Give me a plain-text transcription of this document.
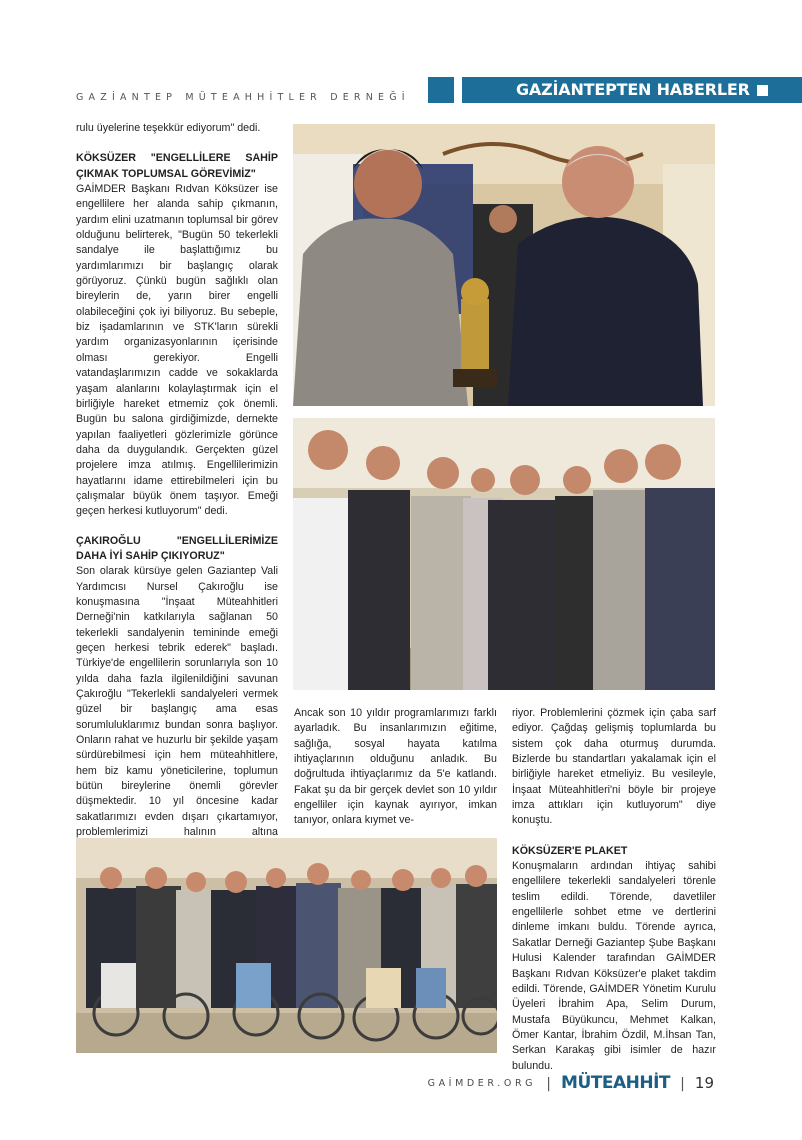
GAZİANTEP MÜTEAHHİTLER DERNEĞİ	GAZİANTEPTEN HABERLER

rulu üyelerine teşekkür ediyorum" dedi.

KÖKSÜZER "ENGELLİLERE SAHİP
ÇIKMAK TOPLUMSAL GÖREVİMİZ"

GAİMDER Başkanı Rıdvan Köksüzer ise engellilere her alanda sahip çıkmanın, yardım elini uzatmanın toplumsal bir görev olduğunu belirterek, "Bugün 50 tekerlekli sandalye ile başlattığımız bu yardımlarımızı bir başlangıç olarak görüyoruz. Çünkü bugün sağlıklı olan bireylerin de, yarın birer engelli olabileceğini çok iyi biliyoruz. Bu sebeple, biz işadamlarının ve STK'ların sürekli yardım organizasyonlarının içerisinde olması gerekiyor. Engelli vatandaşlarımızın cadde ve sokaklarda yaşam alanlarını kolaylaştırmak için el birliğiyle hareket etmemiz çok önemli. Bugün bu salona girdiğimizde, dernekte yapılan faaliyetleri gözlerimizle görünce daha da duygulandık. Gerçekten güzel projelere imza atılmış. Engellilerimizin hayatlarını idame ettirebilmeleri için bu çalışmalar büyük önem taşıyor. Emeği geçen herkesi kutluyorum" dedi.

ÇAKIROĞLU "ENGELLİLERİMİZE
DAHA İYİ SAHİP ÇIKIYORUZ"

Son olarak kürsüye gelen Gaziantep Vali Yardımcısı Nursel Çakıroğlu ise konuşmasına "İnşaat Müteahhitleri Derneği'nin katkılarıyla sağlanan 50 tekerlekli sandalyenin temininde emeği geçen herkesi tebrik ederek" başladı. Türkiye'de engellilerin sorunlarıyla son 10 yılda daha fazla ilgilenildiğini savunan Çakıroğlu "Tekerlekli sandalyeleri vermek güzel bir başlangıç ama esas sorumluluklarımız bundan sonra başlıyor. Onların rahat ve huzurlu bir şekilde yaşam sürdürebilmesi için hem müteahhitlere, hem biz kamu yöneticilerine, toplumun bütün bireylerine önemli görevler düşmektedir. 10 yıl öncesine kadar sakatlarımızı evden dışarı çıkartamıyor, problemlerimizi halının altına

Ancak son 10 yıldır programlarımızı farklı ayarladık. Bu insanlarımızın eğitime, sağlığa, sosyal hayata katılma ihtiyaçlarının olduğunu anladık. Bu doğrultuda ihtiyaçlarımız da 5'e katlandı. Fakat şu da bir gerçek devlet son 10 yıldır engelliler için kaynak ayırıyor, imkan tanıyor, onlara kıymet ve-

riyor. Problemlerini çözmek için çaba sarf ediyor. Çağdaş gelişmiş toplumlarda bu sistem çok daha oturmuş durumda. Bizlerde bu standartları yakalamak için el birliğiyle hareket etmeliyiz. Bu vesileyle, İnşaat Müteahhitleri'ni böyle bir projeye imza attıkları için kutluyorum" diye konuştu.

KÖKSÜZER'E PLAKET

Konuşmaların ardından ihtiyaç sahibi engellilere tekerlekli sandalyeleri törenle teslim edildi. Törende, davetliler engellilerle sohbet etme ve dertlerini dinleme imkanı buldu. Törende ayrıca, Sakatlar Derneği Gaziantep Şube Başkanı Hulusi Kalender tarafından GAİMDER Başkanı Rıdvan Köksüzer'e plaket takdim edildi. Törende, GAİMDER Yönetim Kurulu Üyeleri İbrahim Apa, Selim Durum, Mustafa Büyükuncu, Mehmet Kalkan, Ömer Kantar, İbrahim Özdil, M.İhsan Tan, Serkan Karakaş gibi isimler de hazır bulundu.

GAİMDER.ORG | MÜTEAHHİT | 19
